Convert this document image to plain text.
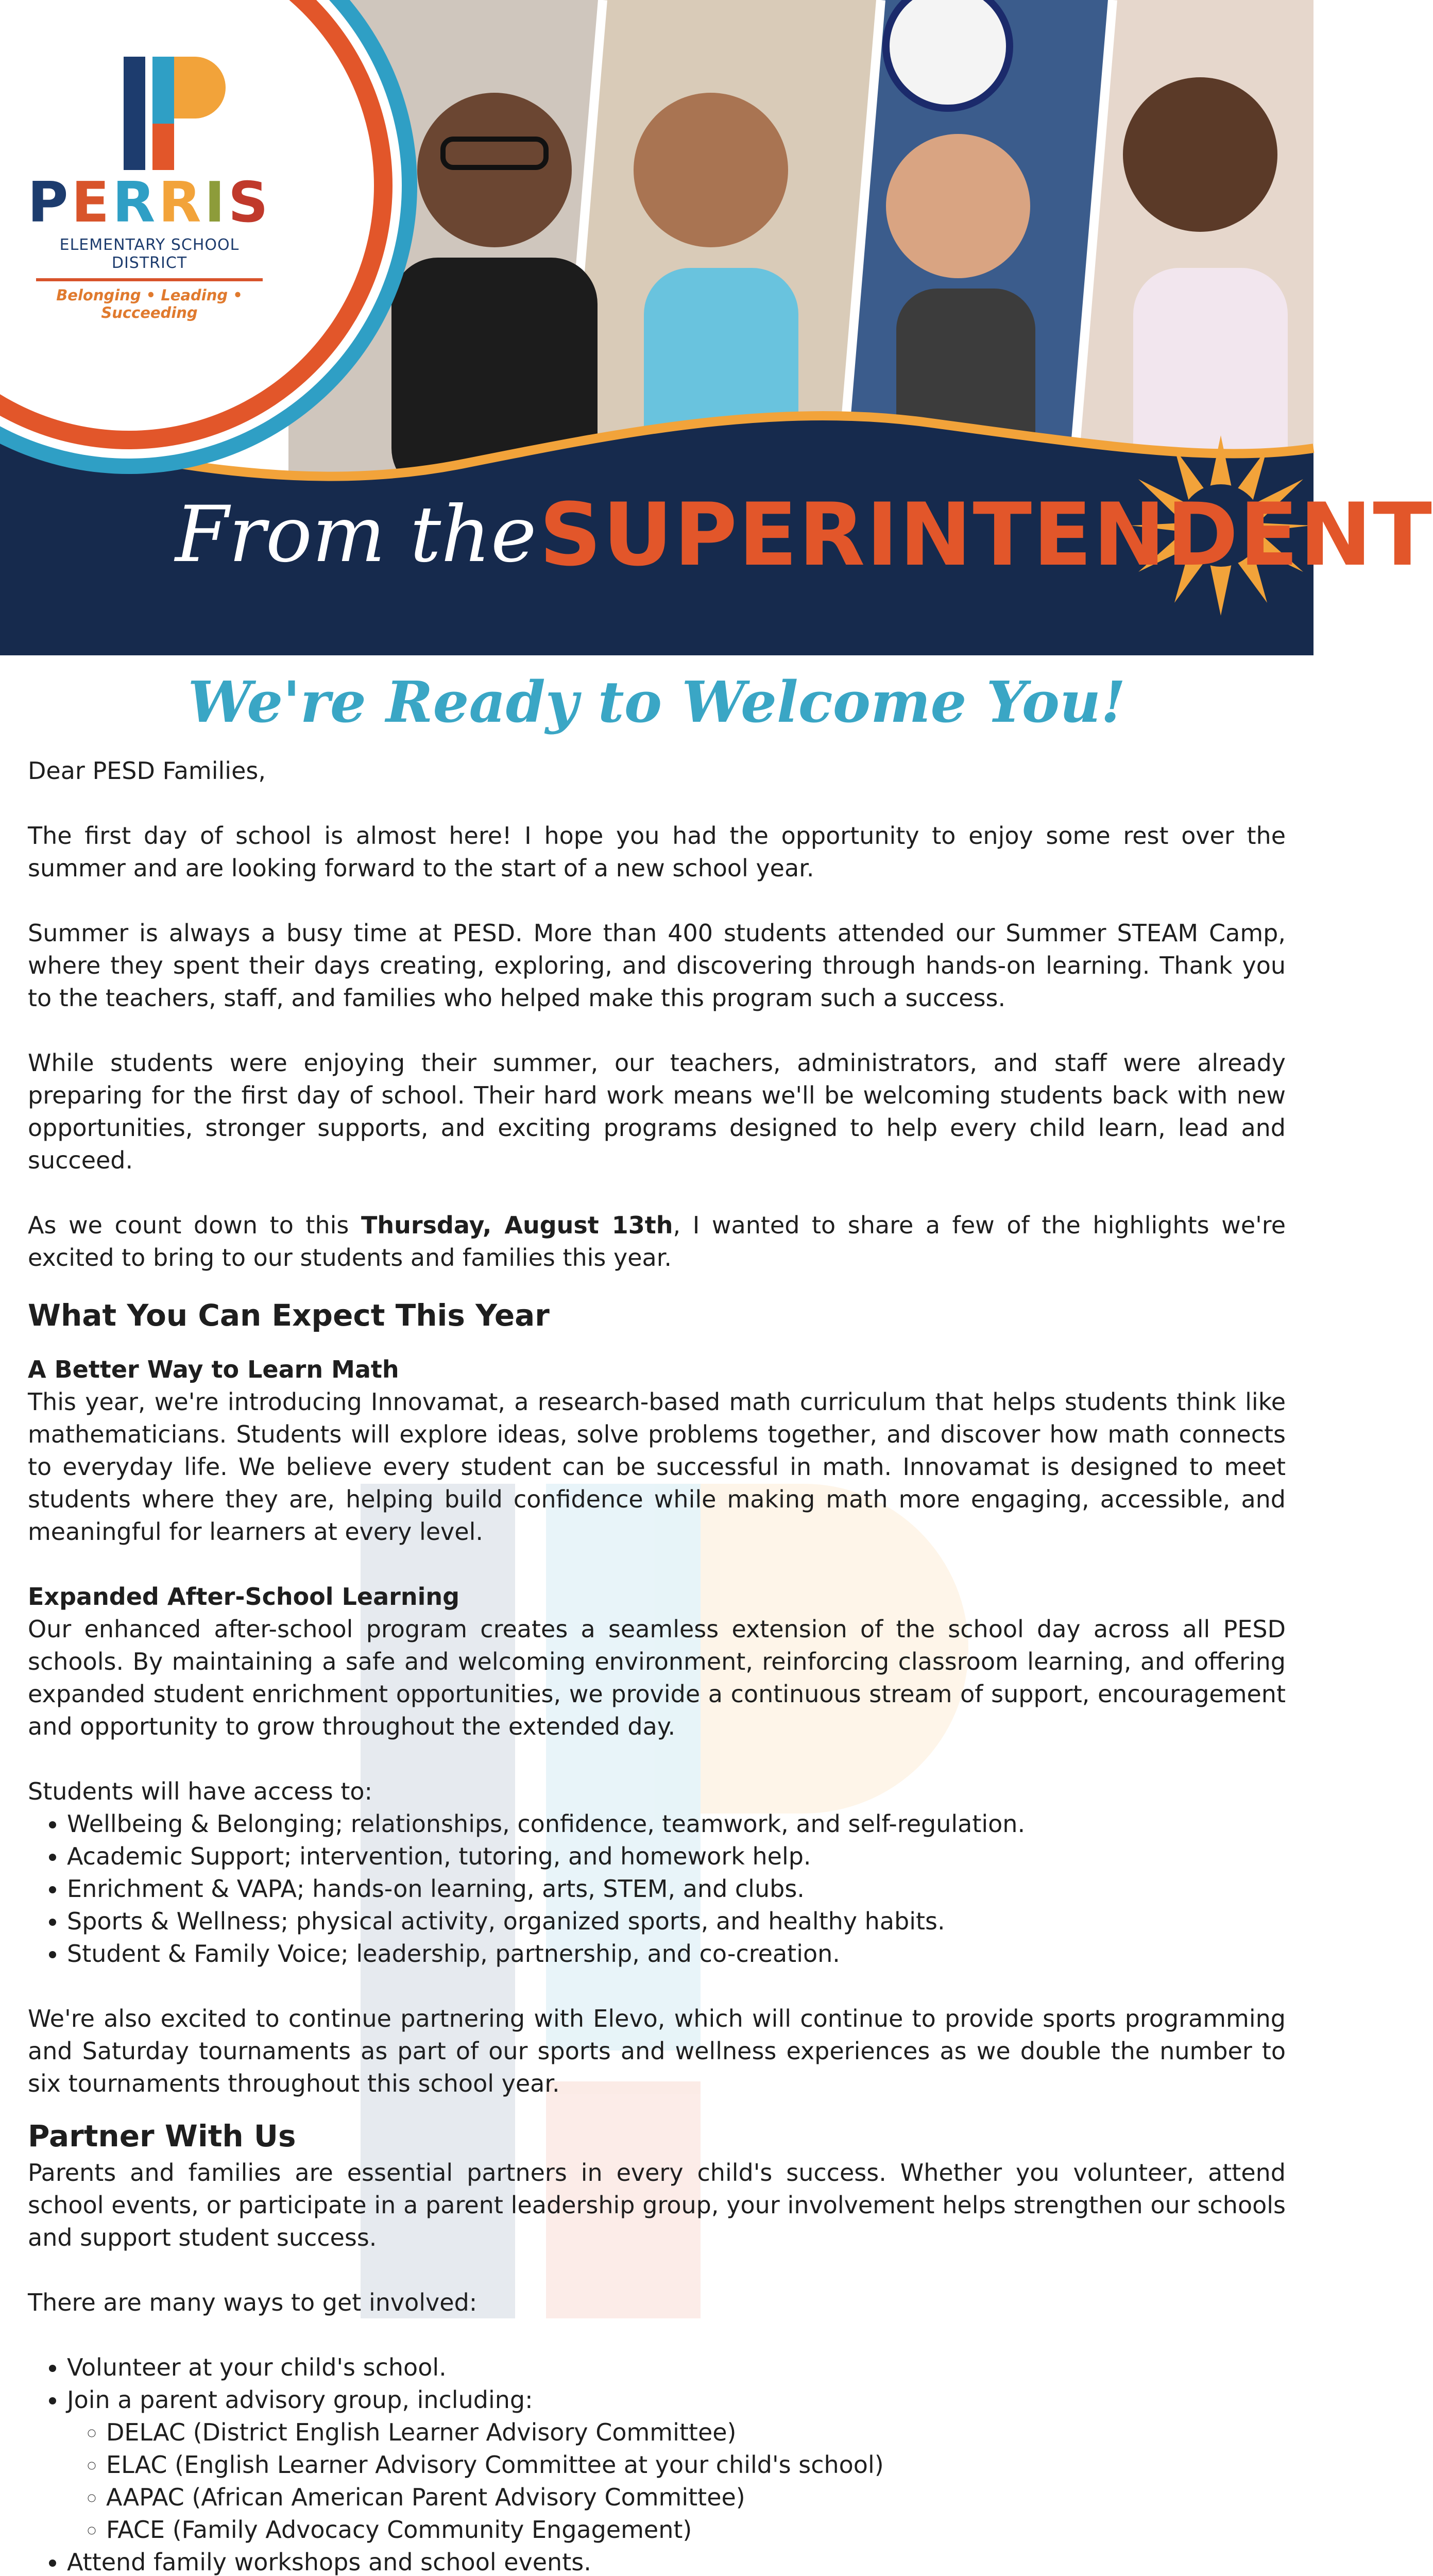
PERRIS
ELEMENTARY SCHOOL DISTRICT
Belonging • Leading • Succeeding
From the SUPERINTENDENT
We're Ready to Welcome You!

Dear PESD Families,

The first day of school is almost here! I hope you had the opportunity to enjoy some rest over the summer and are looking forward to the start of a new school year.

Summer is always a busy time at PESD. More than 400 students attended our Summer STEAM Camp, where they spent their days creating, exploring, and discovering through hands-on learning. Thank you to the teachers, staff, and families who helped make this program such a success.

While students were enjoying their summer, our teachers, administrators, and staff were already preparing for the first day of school. Their hard work means we'll be welcoming students back with new opportunities, stronger supports, and exciting programs designed to help every child learn, lead and succeed.

As we count down to this Thursday, August 13th, I wanted to share a few of the highlights we're excited to bring to our students and families this year.

What You Can Expect This Year
A Better Way to Learn Math

This year, we're introducing Innovamat, a research-based math curriculum that helps students think like mathematicians. Students will explore ideas, solve problems together, and discover how math connects to everyday life. We believe every student can be successful in math. Innovamat is designed to meet students where they are, helping build confidence while making math more engaging, accessible, and meaningful for learners at every level.

Expanded After-School Learning

Our enhanced after-school program creates a seamless extension of the school day across all PESD schools. By maintaining a safe and welcoming environment, reinforcing classroom learning, and offering expanded student enrichment opportunities, we provide a continuous stream of support, encouragement and opportunity to grow throughout the extended day.

Students will have access to:

• Wellbeing & Belonging; relationships, confidence, teamwork, and self-regulation.
• Academic Support; intervention, tutoring, and homework help.
• Enrichment & VAPA; hands-on learning, arts, STEM, and clubs.
• Sports & Wellness; physical activity, organized sports, and healthy habits.
• Student & Family Voice; leadership, partnership, and co-creation.

We're also excited to continue partnering with Elevo, which will continue to provide sports programming and Saturday tournaments as part of our sports and wellness experiences as we double the number to six tournaments throughout this school year.

Partner With Us

Parents and families are essential partners in every child's success. Whether you volunteer, attend school events, or participate in a parent leadership group, your involvement helps strengthen our schools and support student success.

There are many ways to get involved:

• Volunteer at your child's school.
• Join a parent advisory group, including:
◦ DELAC (District English Learner Advisory Committee)
◦ ELAC (English Learner Advisory Committee at your child's school)
◦ AAPAC (African American Parent Advisory Committee)
◦ FACE (Family Advocacy Community Engagement)
• Attend family workshops and school events.
